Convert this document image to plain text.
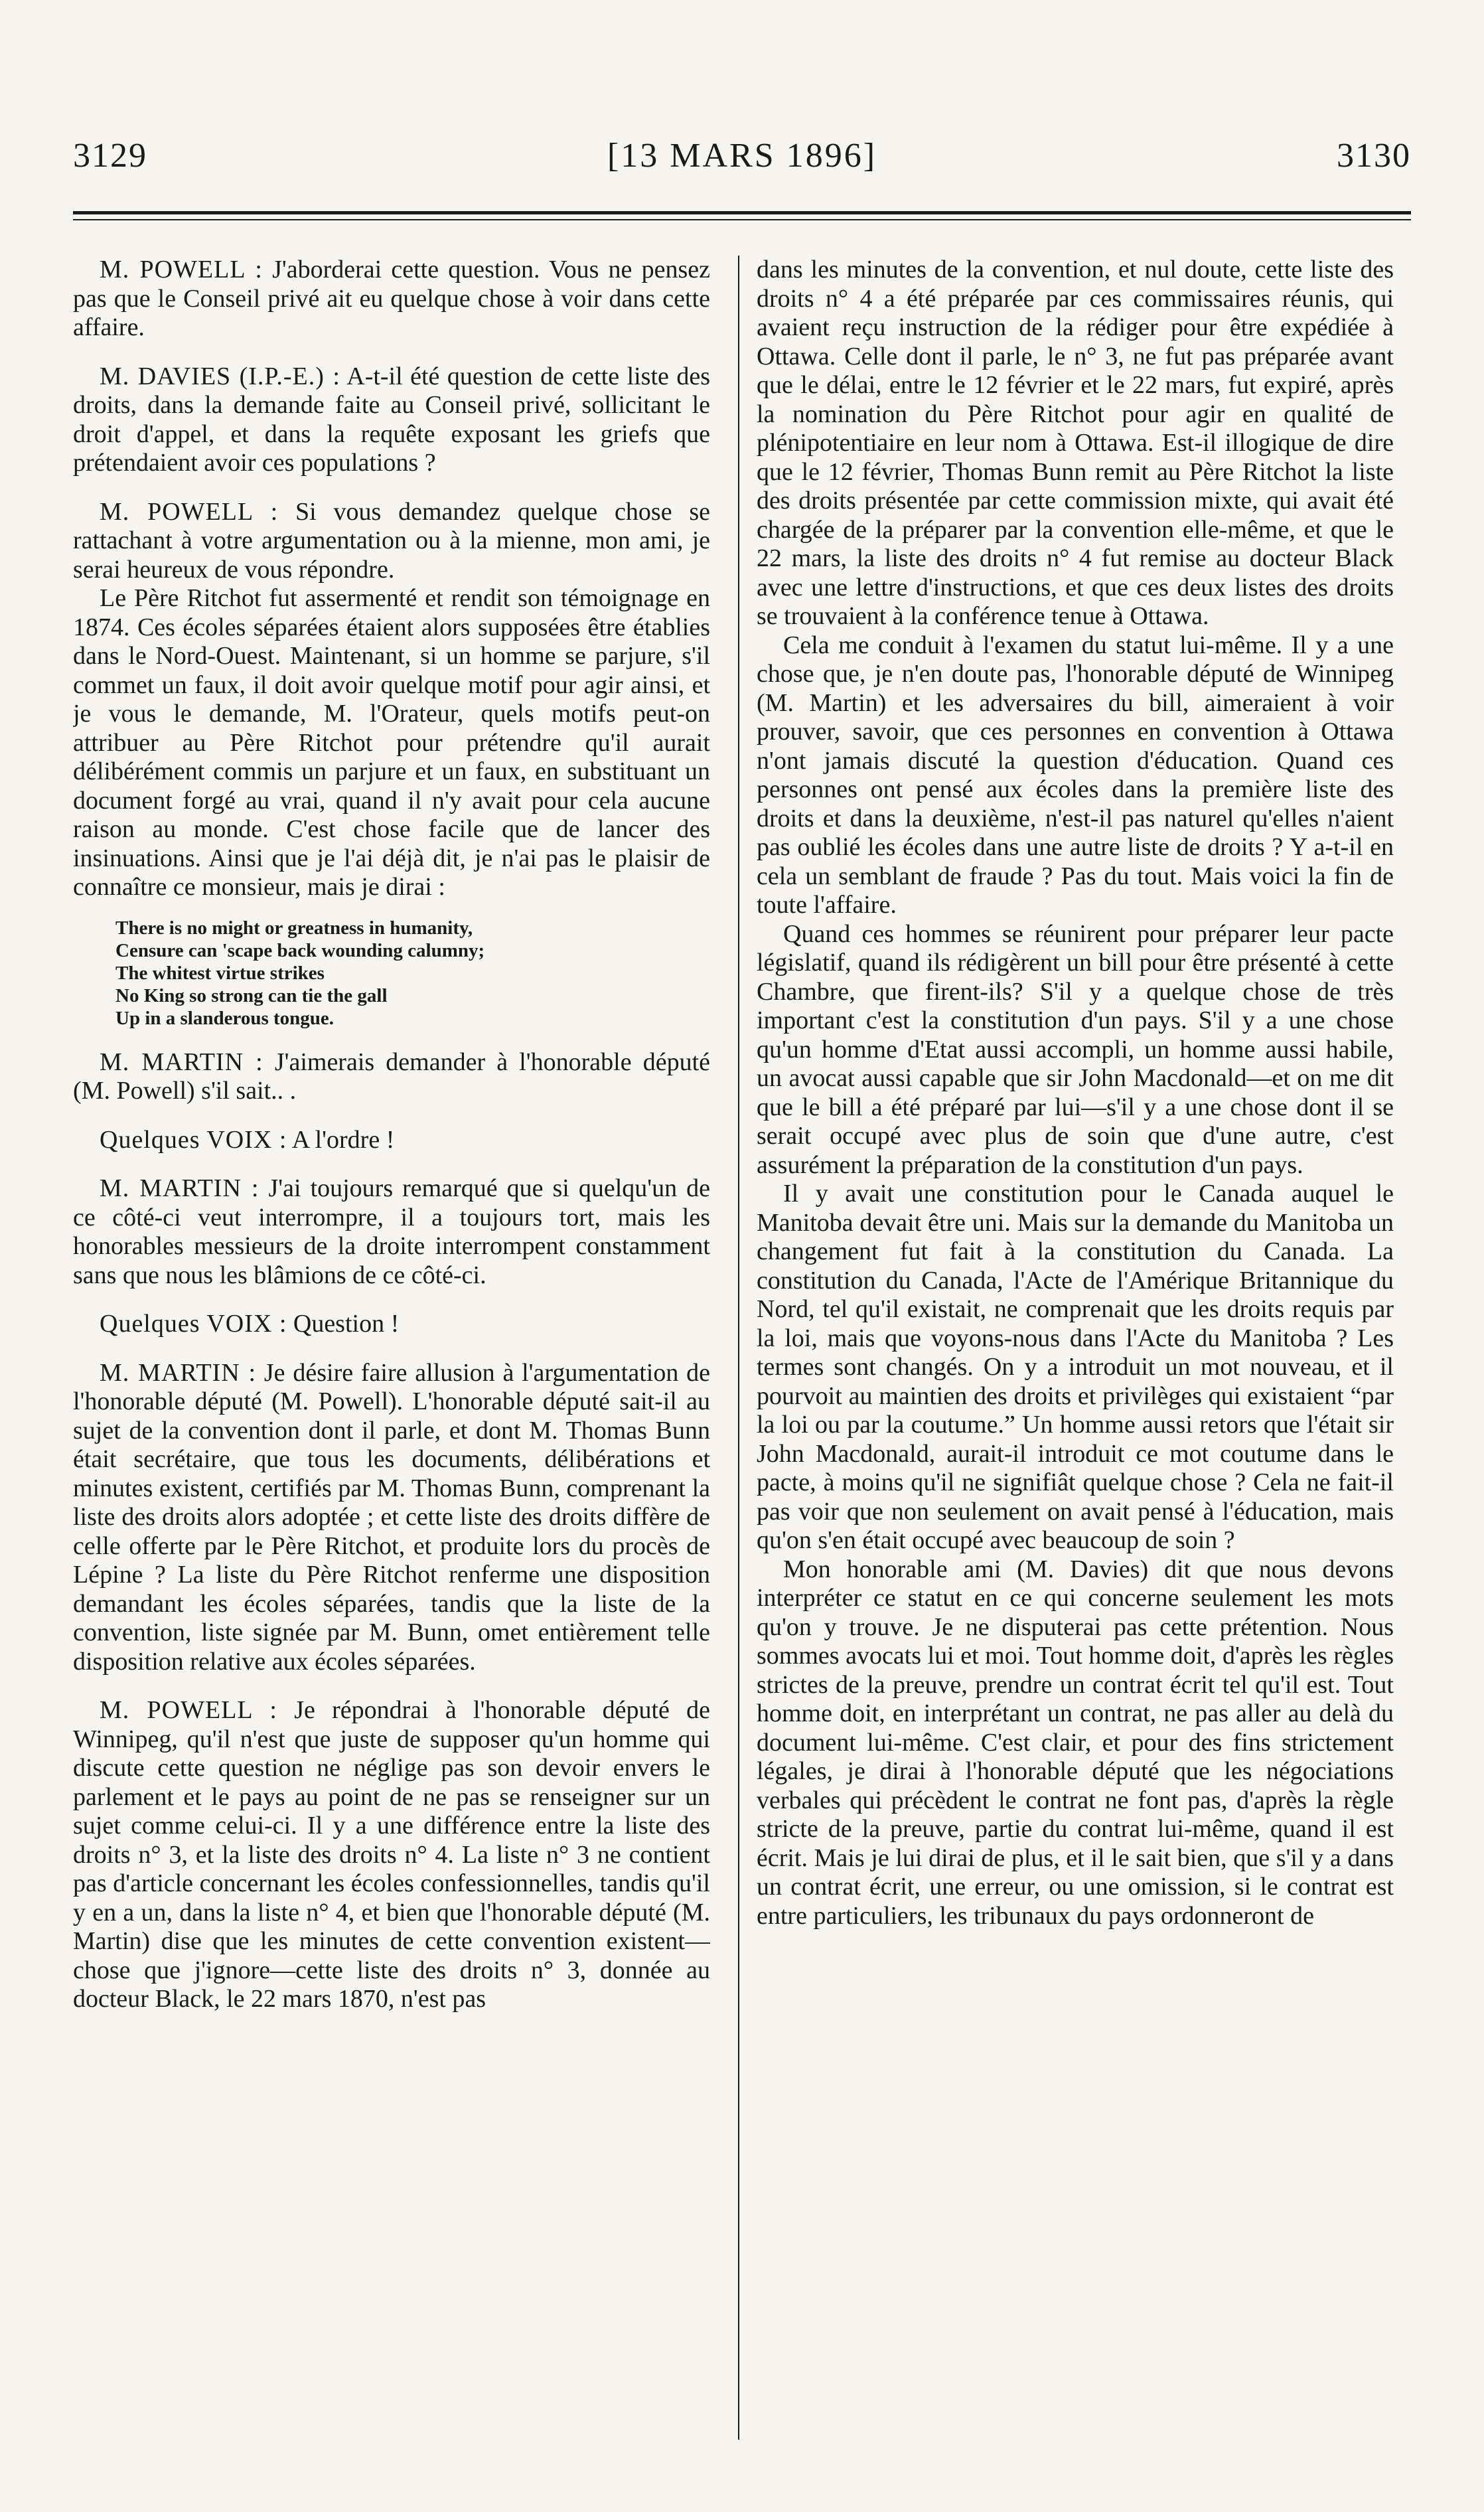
3129	[13 MARS 1896]	3130

M. POWELL : J'aborderai cette question. Vous ne pensez pas que le Conseil privé ait eu quelque chose à voir dans cette affaire.

M. DAVIES (I.P.-E.) : A-t-il été question de cette liste des droits, dans la demande faite au Conseil privé, sollicitant le droit d'appel, et dans la requête exposant les griefs que prétendaient avoir ces populations ?

M. POWELL : Si vous demandez quelque chose se rattachant à votre argumentation ou à la mienne, mon ami, je serai heureux de vous répondre.

Le Père Ritchot fut assermenté et rendit son témoignage en 1874. Ces écoles séparées étaient alors supposées être établies dans le Nord-Ouest. Maintenant, si un homme se parjure, s'il commet un faux, il doit avoir quelque motif pour agir ainsi, et je vous le demande, M. l'Orateur, quels motifs peut-on attribuer au Père Ritchot pour prétendre qu'il aurait délibérément commis un parjure et un faux, en substituant un document forgé au vrai, quand il n'y avait pour cela aucune raison au monde. C'est chose facile que de lancer des insinuations. Ainsi que je l'ai déjà dit, je n'ai pas le plaisir de connaître ce monsieur, mais je dirai :

There is no might or greatness in humanity,
Censure can 'scape back wounding calumny;
The whitest virtue strikes
No King so strong can tie the gall
Up in a slanderous tongue.

M. MARTIN : J'aimerais demander à l'honorable député (M. Powell) s'il sait.. .

Quelques VOIX : A l'ordre !

M. MARTIN : J'ai toujours remarqué que si quelqu'un de ce côté-ci veut interrompre, il a toujours tort, mais les honorables messieurs de la droite interrompent constamment sans que nous les blâmions de ce côté-ci.

Quelques VOIX : Question !

M. MARTIN : Je désire faire allusion à l'argumentation de l'honorable député (M. Powell). L'honorable député sait-il au sujet de la convention dont il parle, et dont M. Thomas Bunn était secrétaire, que tous les documents, délibérations et minutes existent, certifiés par M. Thomas Bunn, comprenant la liste des droits alors adoptée ; et cette liste des droits diffère de celle offerte par le Père Ritchot, et produite lors du procès de Lépine ? La liste du Père Ritchot renferme une disposition demandant les écoles séparées, tandis que la liste de la convention, liste signée par M. Bunn, omet entièrement telle disposition relative aux écoles séparées.

M. POWELL : Je répondrai à l'honorable député de Winnipeg, qu'il n'est que juste de supposer qu'un homme qui discute cette question ne néglige pas son devoir envers le parlement et le pays au point de ne pas se renseigner sur un sujet comme celui-ci. Il y a une différence entre la liste des droits n° 3, et la liste des droits n° 4. La liste n° 3 ne contient pas d'article concernant les écoles confessionnelles, tandis qu'il y en a un, dans la liste n° 4, et bien que l'honorable député (M. Martin) dise que les minutes de cette convention existent—chose que j'ignore—cette liste des droits n° 3, donnée au docteur Black, le 22 mars 1870, n'est pas

dans les minutes de la convention, et nul doute, cette liste des droits n° 4 a été préparée par ces commissaires réunis, qui avaient reçu instruction de la rédiger pour être expédiée à Ottawa. Celle dont il parle, le n° 3, ne fut pas préparée avant que le délai, entre le 12 février et le 22 mars, fut expiré, après la nomination du Père Ritchot pour agir en qualité de plénipotentiaire en leur nom à Ottawa. Est-il illogique de dire que le 12 février, Thomas Bunn remit au Père Ritchot la liste des droits présentée par cette commission mixte, qui avait été chargée de la préparer par la convention elle-même, et que le 22 mars, la liste des droits n° 4 fut remise au docteur Black avec une lettre d'instructions, et que ces deux listes des droits se trouvaient à la conférence tenue à Ottawa.

Cela me conduit à l'examen du statut lui-même. Il y a une chose que, je n'en doute pas, l'honorable député de Winnipeg (M. Martin) et les adversaires du bill, aimeraient à voir prouver, savoir, que ces personnes en convention à Ottawa n'ont jamais discuté la question d'éducation. Quand ces personnes ont pensé aux écoles dans la première liste des droits et dans la deuxième, n'est-il pas naturel qu'elles n'aient pas oublié les écoles dans une autre liste de droits ? Y a-t-il en cela un semblant de fraude ? Pas du tout. Mais voici la fin de toute l'affaire.

Quand ces hommes se réunirent pour préparer leur pacte législatif, quand ils rédigèrent un bill pour être présenté à cette Chambre, que firent-ils? S'il y a quelque chose de très important c'est la constitution d'un pays. S'il y a une chose qu'un homme d'Etat aussi accompli, un homme aussi habile, un avocat aussi capable que sir John Macdonald—et on me dit que le bill a été préparé par lui—s'il y a une chose dont il se serait occupé avec plus de soin que d'une autre, c'est assurément la préparation de la constitution d'un pays.

Il y avait une constitution pour le Canada auquel le Manitoba devait être uni. Mais sur la demande du Manitoba un changement fut fait à la constitution du Canada. La constitution du Canada, l'Acte de l'Amérique Britannique du Nord, tel qu'il existait, ne comprenait que les droits requis par la loi, mais que voyons-nous dans l'Acte du Manitoba ? Les termes sont changés. On y a introduit un mot nouveau, et il pourvoit au maintien des droits et privilèges qui existaient “par la loi ou par la coutume.” Un homme aussi retors que l'était sir John Macdonald, aurait-il introduit ce mot coutume dans le pacte, à moins qu'il ne signifiât quelque chose ? Cela ne fait-il pas voir que non seulement on avait pensé à l'éducation, mais qu'on s'en était occupé avec beaucoup de soin ?

Mon honorable ami (M. Davies) dit que nous devons interpréter ce statut en ce qui concerne seulement les mots qu'on y trouve. Je ne disputerai pas cette prétention. Nous sommes avocats lui et moi. Tout homme doit, d'après les règles strictes de la preuve, prendre un contrat écrit tel qu'il est. Tout homme doit, en interprétant un contrat, ne pas aller au delà du document lui-même. C'est clair, et pour des fins strictement légales, je dirai à l'honorable député que les négociations verbales qui précèdent le contrat ne font pas, d'après la règle stricte de la preuve, partie du contrat lui-même, quand il est écrit. Mais je lui dirai de plus, et il le sait bien, que s'il y a dans un contrat écrit, une erreur, ou une omission, si le contrat est entre particuliers, les tribunaux du pays ordonneront de
